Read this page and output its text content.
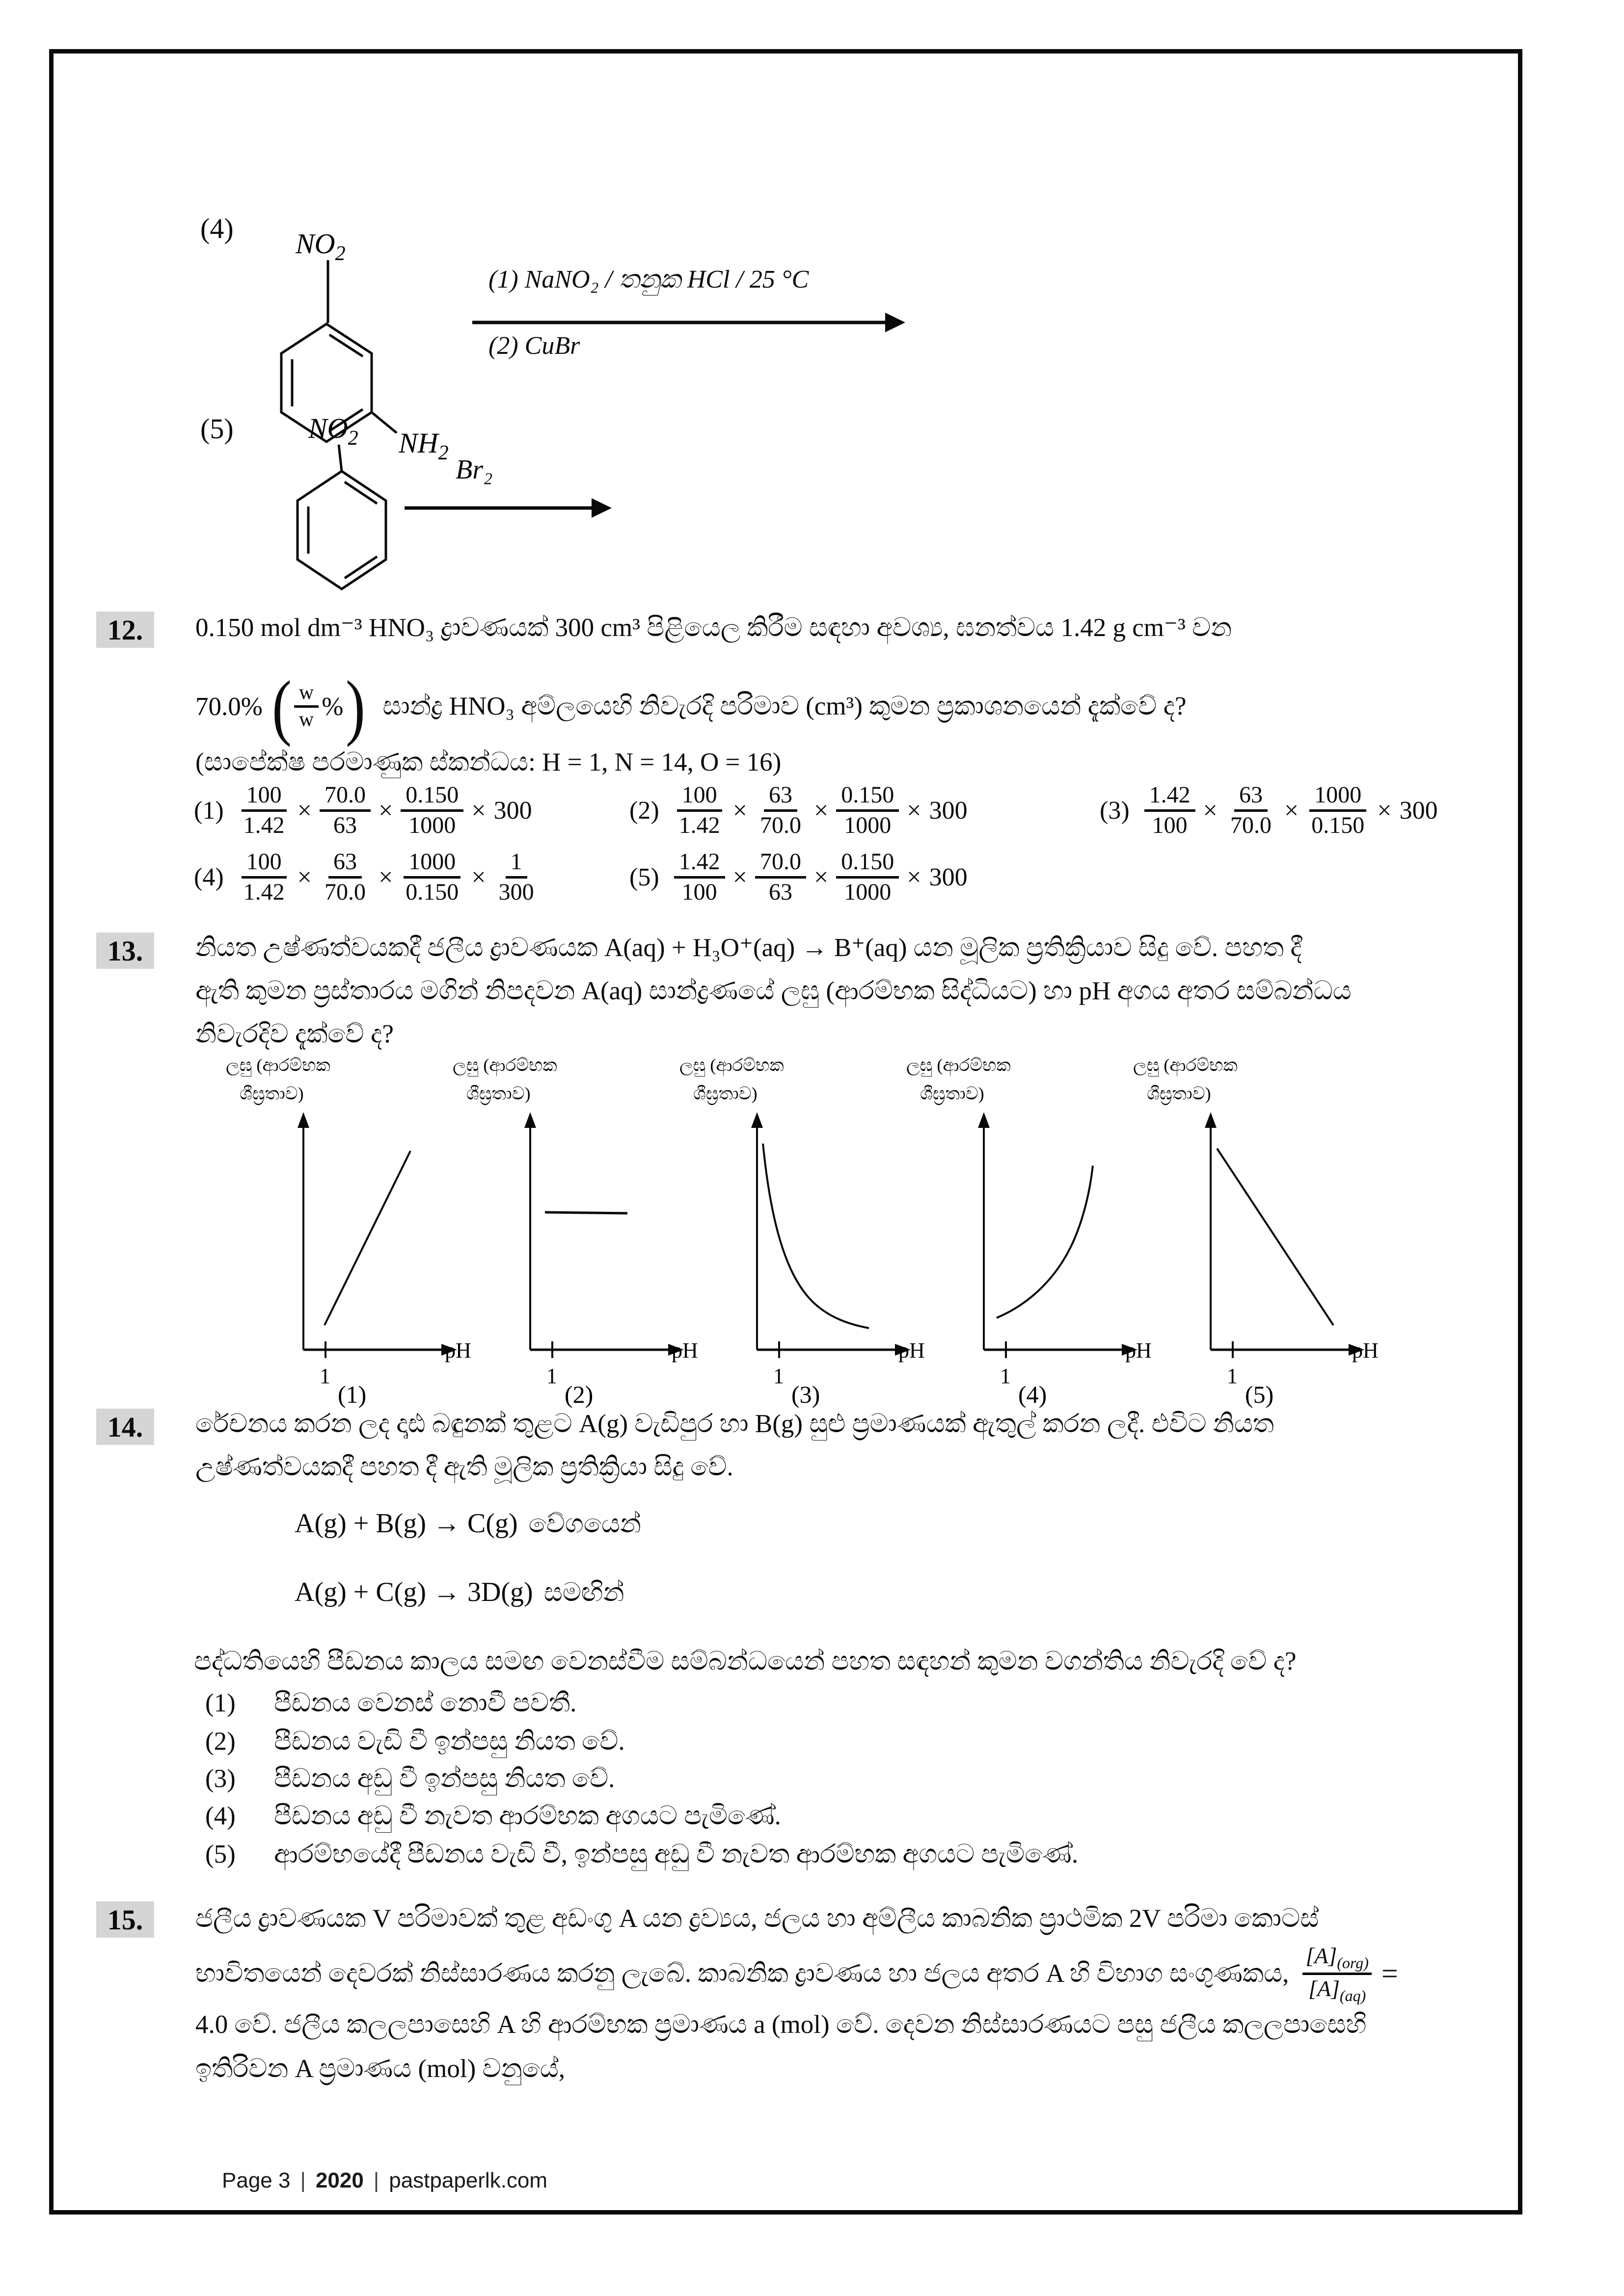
(4) $NO_2$
$NH_2$
(1) NaNO₂ / තනුක HCl / 25 °C
(2) CuBr
(5)	$NO_2$
Br₂
12.	0.150 mol dm⁻³ HNO₃ ද්‍රාවණයක් 300 cm³ පිළියෙල කිරීම සඳහා අවශ්‍ය, ඝනත්වය 1.42 g cm⁻³ වන
70.0% ( $\frac{w}{w}$ % ) සාන්ද්‍ර HNO₃ අම්ලයෙහි නිවැරදි පරිමාව (cm³) කුමන ප්‍රකාශනයෙන් දැක්වේ ද?
(සාපේක්ෂ පරමාණුක ස්කන්ධය: H = 1, N = 14, O = 16)
$(1) \frac{100}{1.42} \times \frac{70.0}{63} \times \frac{0.150}{1000} \times 300$	$(2) \frac{100}{1.42} \times \frac{63}{70.0} \times \frac{0.150}{1000} \times 300$	$(3) \frac{1.42}{100} \times \frac{63}{70.0} \times \frac{1000}{0.150} \times 300$
$(4) \frac{100}{1.42} \times \frac{63}{70.0} \times \frac{1000}{0.150} \times \frac{1}{300}$	$(5) \frac{1.42}{100} \times \frac{70.0}{63} \times \frac{0.150}{1000} \times 300$
13.	නියත උෂ්ණත්වයකදී ජලීය ද්‍රාවණයක A(aq) + H₃O⁺(aq) → B⁺(aq) යන මූලික ප්‍රතික්‍රියාව සිදු වේ. පහත දී
ඇති කුමන ප්‍රස්තාරය මගින් නිපදවන A(aq) සාන්ද්‍රණයේ ලඝු (ආරම්භක සිද්ධියට) හා pH අගය අතර සම්බන්ධය
නිවැරදිව දැක්වේ ද?
ලඝු (ආරම්භක
ශීඝ්‍රතාව)
pH
1
(1)
ලඝු (ආරම්භක
ශීඝ්‍රතාව)
pH
1
(2)
ලඝු (ආරම්භක
ශීඝ්‍රතාව)
pH
1
(3)
ලඝු (ආරම්භක
ශීඝ්‍රතාව)
pH
1
(4)
ලඝු (ආරම්භක
ශීඝ්‍රතාව)
pH
1
(5)
14.	රේචනය කරන ලද දෘඪ බඳුනක් තුළට A(g) වැඩිපුර හා B(g) සුළු ප්‍රමාණයක් ඇතුල් කරන ලදී. එවිට නියත
උෂ්ණත්වයකදී පහත දී ඇති මූලික ප්‍රතික්‍රියා සිදු වේ.
A(g) + B(g) → C(g) වේගයෙන්
A(g) + C(g) → 3D(g) සමඟින්
පද්ධතියෙහි පීඩනය කාලය සමඟ වෙනස්වීම සම්බන්ධයෙන් පහත සඳහන් කුමන වගන්තිය නිවැරදි වේ ද?
(1)	පීඩනය වෙනස් නොවී පවතී.
(2)	පීඩනය වැඩි වී ඉන්පසු නියත වේ.
(3)	පීඩනය අඩු වී ඉන්පසු නියත වේ.
(4)	පීඩනය අඩු වී නැවත ආරම්භක අගයට පැමිණේ.
(5)	ආරම්භයේදී පීඩනය වැඩි වී, ඉන්පසු අඩු වී නැවත ආරම්භක අගයට පැමිණේ.
15.	ජලීය ද්‍රාවණයක V පරිමාවක් තුළ අඩංගු A යන ද්‍රව්‍යය, ජලය හා අම්ලීය කාබනික ප්‍රාථමික 2V පරිමා කොටස්
භාවිතයෙන් දෙවරක් නිස්සාරණය කරනු ලැබේ. කාබනික ද්‍රාවණය හා ජලය අතර A හි විභාග සංගුණකය,
$[A]_{(org)}$
$[A]_{(aq)}$
=
4.0 වේ. ජලීය කලලපාසෙහි A හි ආරම්භක ප්‍රමාණය a (mol) වේ. දෙවන නිස්සාරණයට පසු ජලීය කලලපාසෙහි
ඉතිරිවන A ප්‍රමාණය (mol) වනුයේ,
Page 3 | 2020 | pastpaperlk.com
